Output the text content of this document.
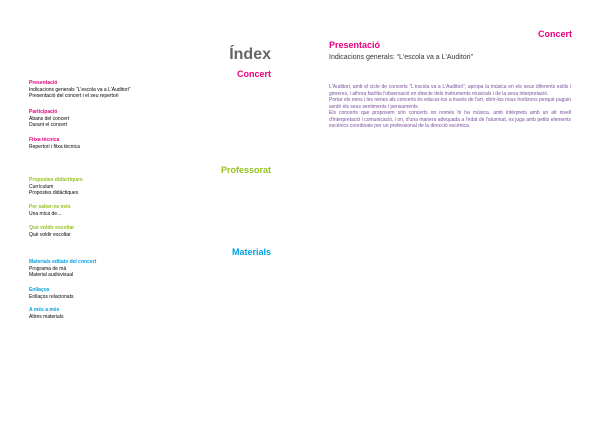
Índex
Concert
Presentació
Indicacions generals “L'escola va a L'Auditori”
Presentació del concert i el seu repertori
Participació
Abans del concert
Durant el concert
Fitxa tècnica
Repertori i fitxa tècnica
Professorat
Propostes didàctiques
Currículum
Propostes didàctiques
Per saber-ne més
Una mica de...
Què voldir escoltar
Què voldir escoltar
Materials
Materials editats del concert
Programa de mà
Material audiovisual
Enllaços
Enllaços relacionats
A més a més
Altres materials
Concert
Presentació

Indicacions generals: “L'escola va a L'Auditori”

L'Auditori, amb el cicle de concerts “L'escola va a L'Auditori”, apropa la música en els seus diferents estils i gèneres, i alhora facilita l'observació en directe dels instruments musicals i de la seva interpretació.

Portar els nens i les nenes als concerts és educar-los a través de l'art, obrir-los nous horitzons perquè puguin sentir els seus sentiments i pensaments.

Els concerts que proposem són concerts on només hi ha música, amb intèrprets amb un alt nivell d'interpretació i comunicació, i on, d'una manera adequada a l'edat de l'alumnat, es juga amb petits elements escènics coordinats per un professional de la direcció escènica.
